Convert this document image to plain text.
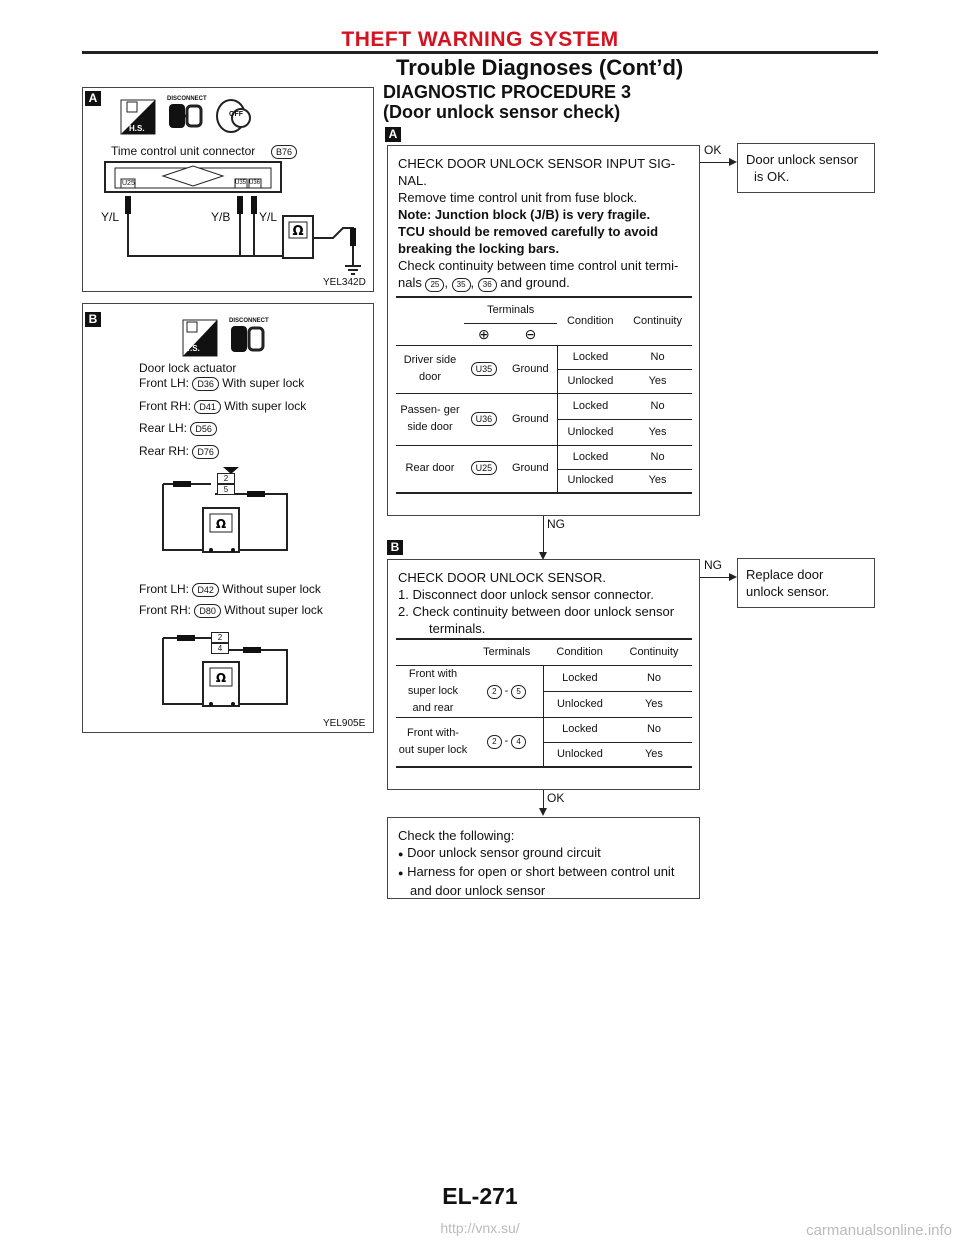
THEFT WARNING SYSTEM
Trouble Diagnoses (Cont’d)
DIAGNOSTIC PROCEDURE 3
(Door unlock sensor check)
A
Ω
DISCONNECT
H.S.
OFF
Time control unit connector	B76
U25	U35 U36
Y/L	Y/B Y/L
YEL342D
B
Ω
Ω
DISCONNECT
T.S.
Door lock actuator
Front LH: D36 With super lock
Front RH: D41 With super lock
Rear LH: D56
Rear RH: D76
2
5
Front LH: D42 Without super lock
Front RH: D80 Without super lock
2
4
YEL905E
A
CHECK DOOR UNLOCK SENSOR INPUT SIG-
NAL.
Remove time control unit from fuse block.
Note: Junction block (J/B) is very fragile.
TCU should be removed carefully to avoid
breaking the locking bars.
Check continuity between time control unit termi-
nals 25 , 35 , 36 and ground.
	Terminals		Condition	Continuity
	⊕	⊖		
Driver side door	U35	Ground	Locked	No
			Unlocked	Yes
Passen- ger side door	U36	Ground	Locked	No
			Unlocked	Yes
Rear door	U25	Ground	Locked	No
			Unlocked	Yes
OK
Door unlock sensor
is OK.
NG
B
CHECK DOOR UNLOCK SENSOR.
1. Disconnect door unlock sensor connector.
2. Check continuity between door unlock sensor
terminals.
	Terminals	Condition	Continuity
Front with super lock and rear	2 - 5	Locked	No
		Unlocked	Yes
Front with- out super lock	2 - 4	Locked	No
		Unlocked	Yes
NG
Replace door
unlock sensor.
OK
Check the following:
● Door unlock sensor ground circuit
● Harness for open or short between control unit
and door unlock sensor
EL-271
http://vnx.su/	carmanualsonline.info
